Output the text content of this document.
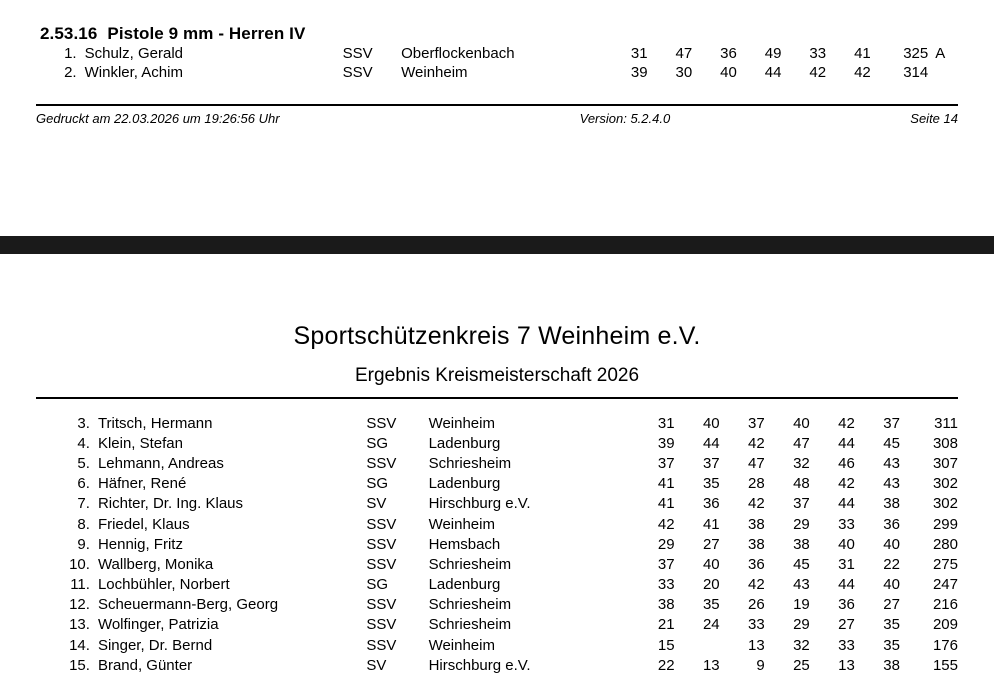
2.53.16 Pistole 9 mm - Herren IV
1.	Schulz, Gerald	SSV	Oberflockenbach	31	47	36	49	33	41	325	A
2.	Winkler, Achim	SSV	Weinheim	39	30	40	44	42	42	314	
Gedruckt am 22.03.2026 um 19:26:56 Uhr	Version: 5.2.4.0	Seite 14
Sportschützenkreis 7 Weinheim e.V.
Ergebnis Kreismeisterschaft 2026
3.	Tritsch, Hermann	SSV	Weinheim	31	40	37	40	42	37	311
4.	Klein, Stefan	SG	Ladenburg	39	44	42	47	44	45	308
5.	Lehmann, Andreas	SSV	Schriesheim	37	37	47	32	46	43	307
6.	Häfner, René	SG	Ladenburg	41	35	28	48	42	43	302
7.	Richter, Dr. Ing. Klaus	SV	Hirschburg e.V.	41	36	42	37	44	38	302
8.	Friedel, Klaus	SSV	Weinheim	42	41	38	29	33	36	299
9.	Hennig, Fritz	SSV	Hemsbach	29	27	38	38	40	40	280
10.	Wallberg, Monika	SSV	Schriesheim	37	40	36	45	31	22	275
11.	Lochbühler, Norbert	SG	Ladenburg	33	20	42	43	44	40	247
12.	Scheuermann-Berg, Georg	SSV	Schriesheim	38	35	26	19	36	27	216
13.	Wolfinger, Patrizia	SSV	Schriesheim	21	24	33	29	27	35	209
14.	Singer, Dr. Bernd	SSV	Weinheim	15		13	32	33	35	176
15.	Brand, Günter	SV	Hirschburg e.V.	22	13	9	25	13	38	155
